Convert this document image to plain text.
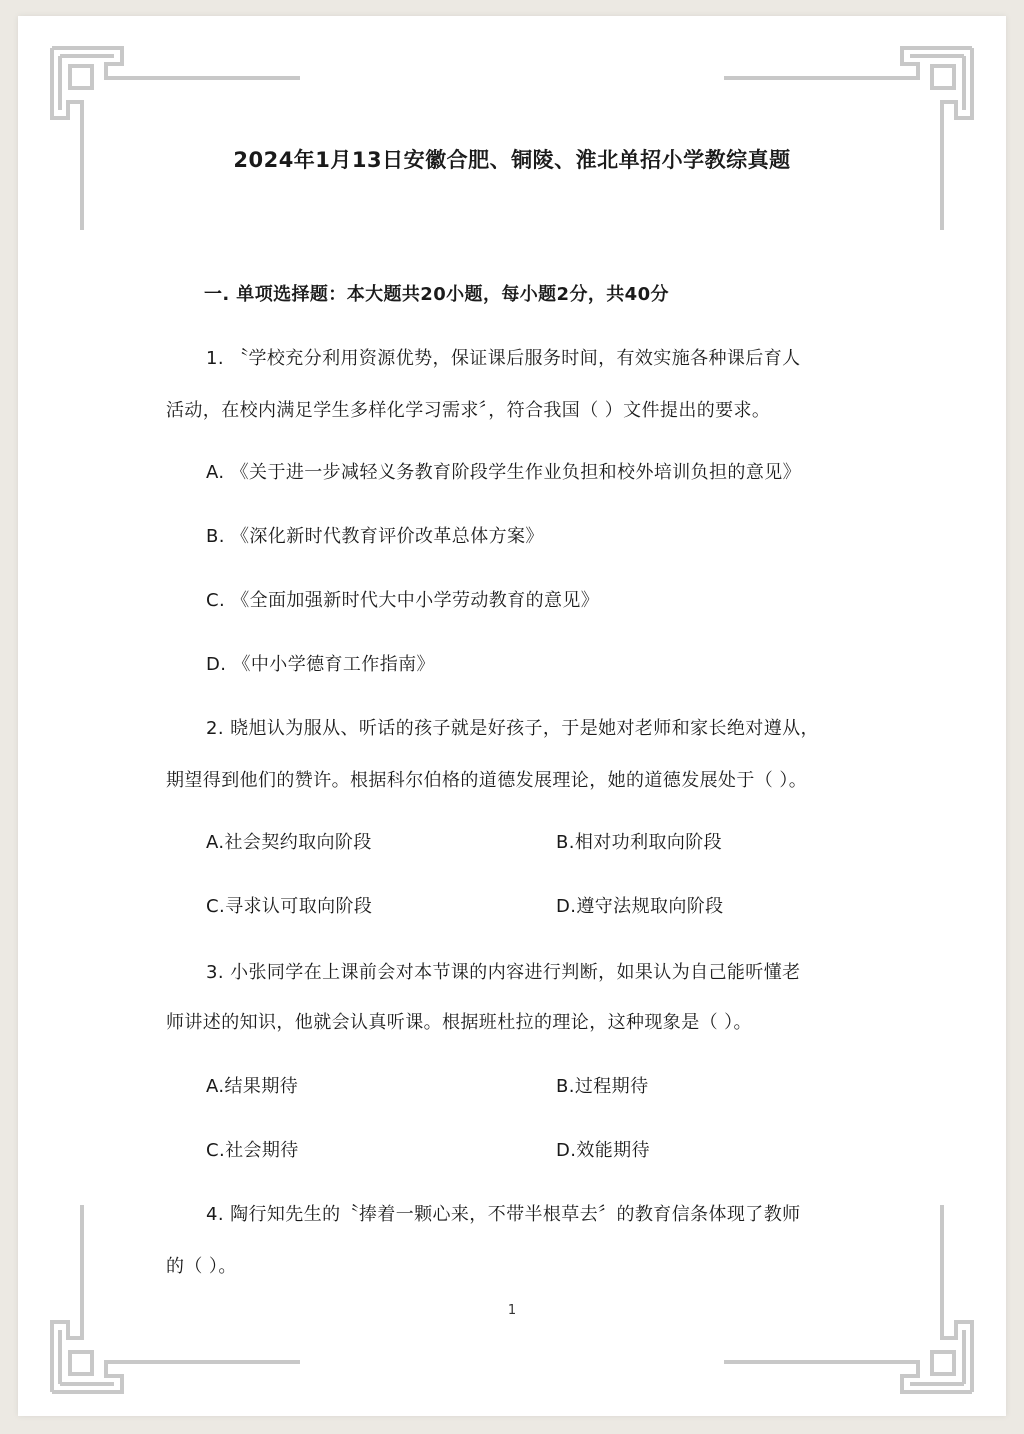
2024年1月13日安徽合肥、铜陵、淮北单招小学教综真题
一. 单项选择题：本大题共20小题，每小题2分，共40分
1. 〝学校充分利用资源优势，保证课后服务时间，有效实施各种课后育人
活动，在校内满足学生多样化学习需求〞，符合我国（ ）文件提出的要求。
A. 《关于进一步减轻义务教育阶段学生作业负担和校外培训负担的意见》
B. 《深化新时代教育评价改革总体方案》
C. 《全面加强新时代大中小学劳动教育的意见》
D. 《中小学德育工作指南》
2. 晓旭认为服从、听话的孩子就是好孩子，于是她对老师和家长绝对遵从，
期望得到他们的赞许。根据科尔伯格的道德发展理论，她的道德发展处于（ ）。
A.社会契约取向阶段	B.相对功利取向阶段
C.寻求认可取向阶段	D.遵守法规取向阶段
3. 小张同学在上课前会对本节课的内容进行判断，如果认为自己能听懂老
师讲述的知识，他就会认真听课。根据班杜拉的理论，这种现象是（ ）。
A.结果期待	B.过程期待
C.社会期待	D.效能期待
4. 陶行知先生的〝捧着一颗心来，不带半根草去〞的教育信条体现了教师
的（ ）。
1
